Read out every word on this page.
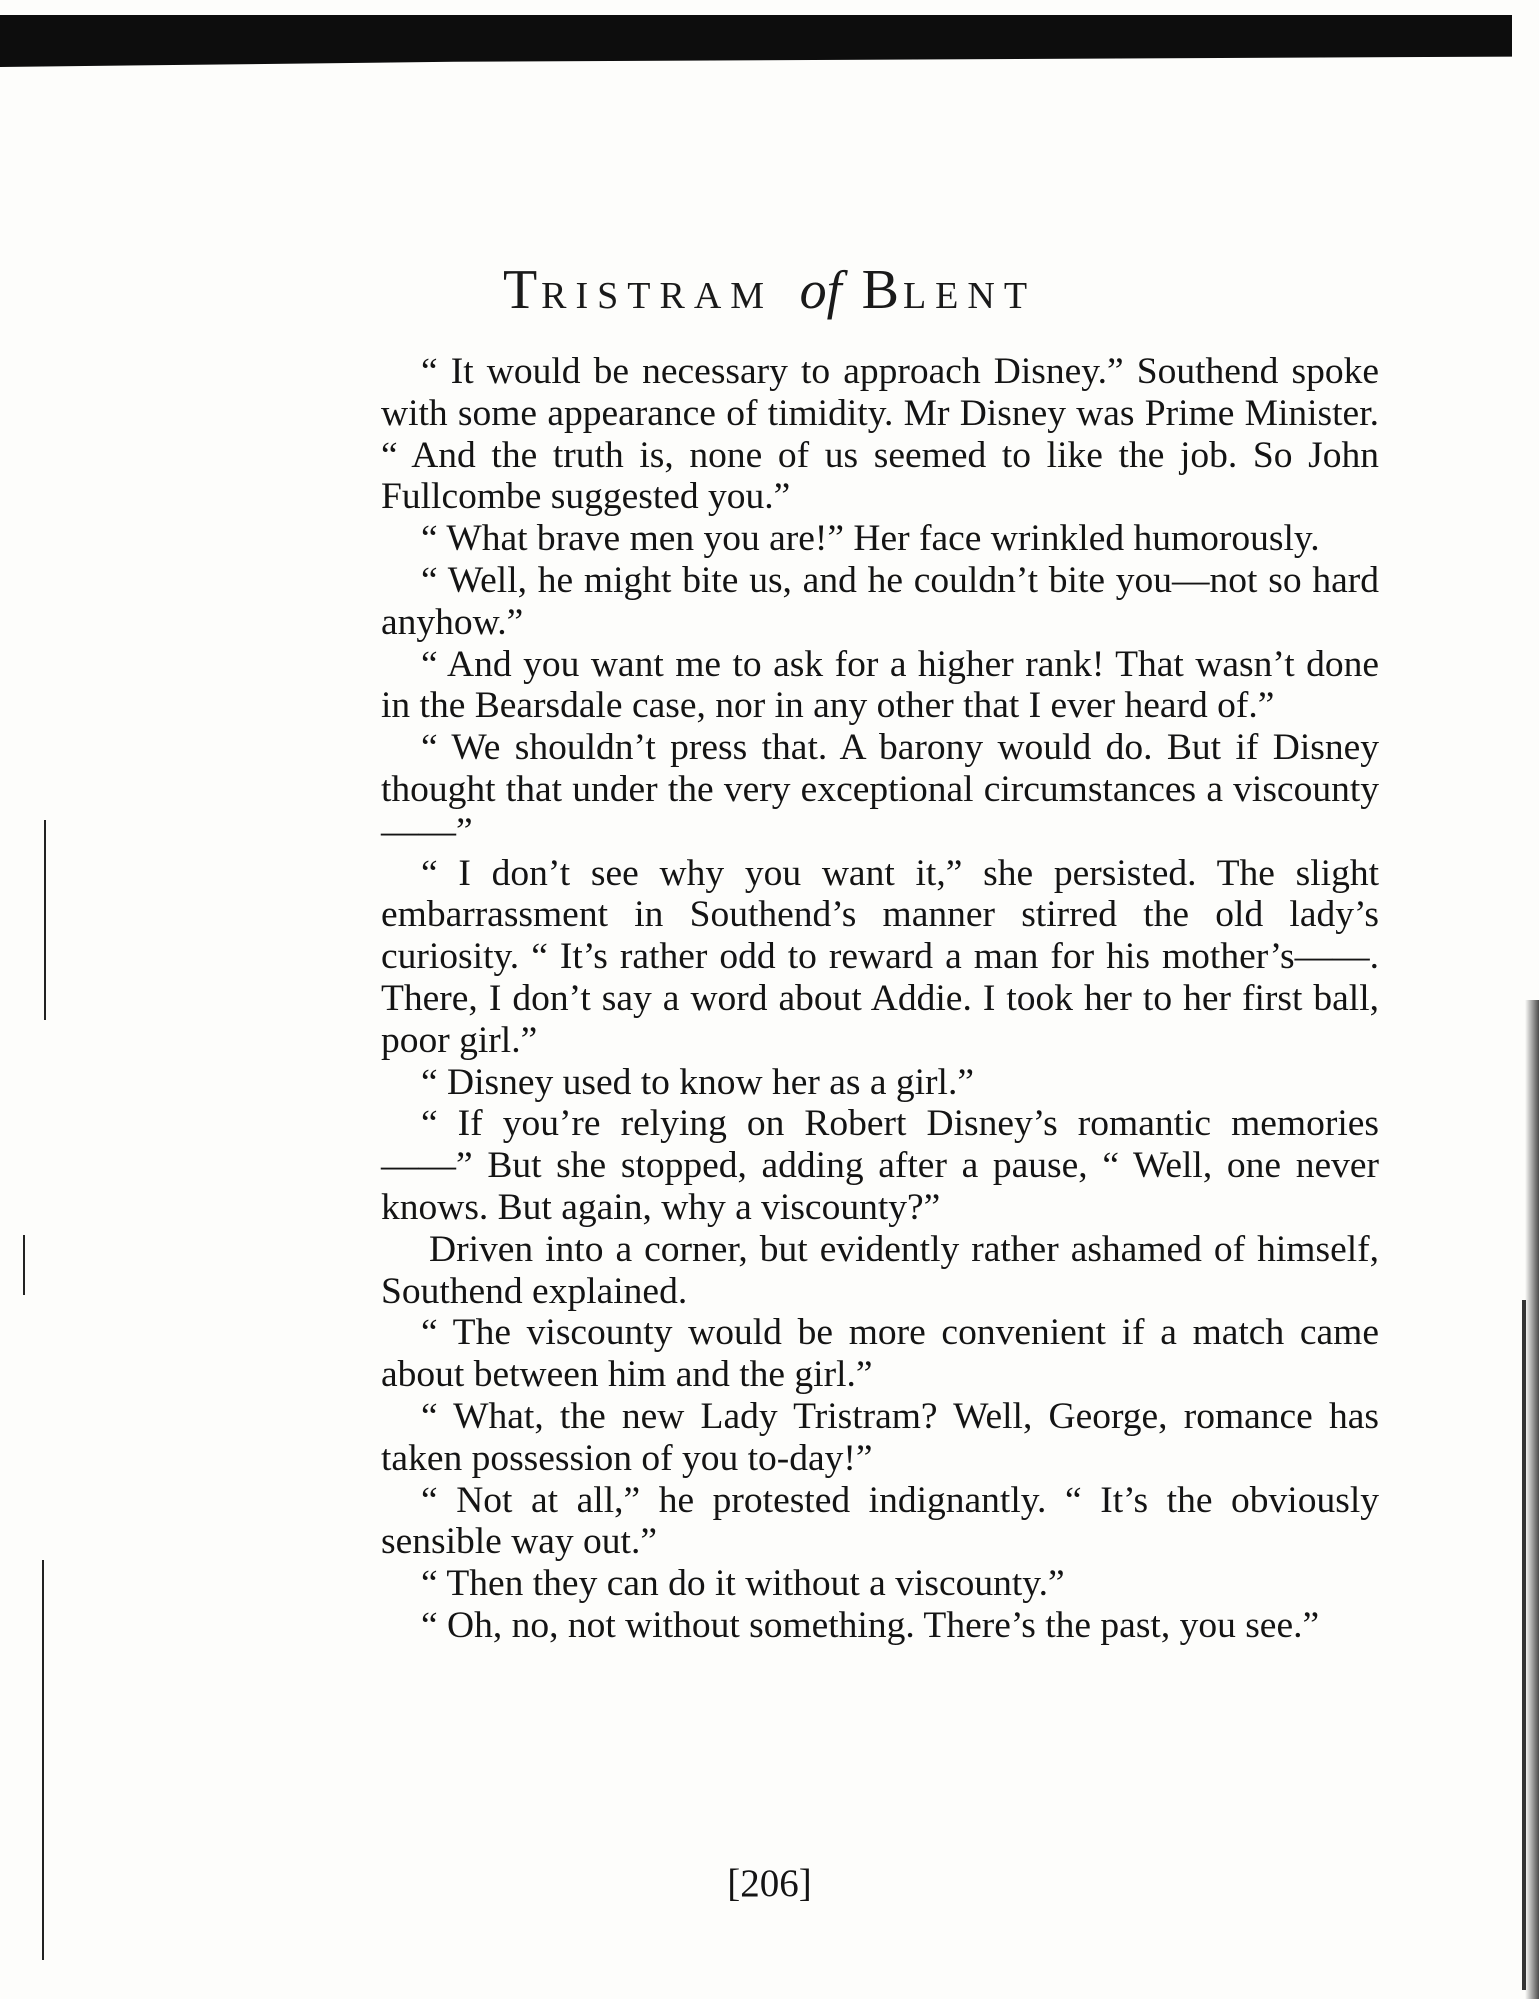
TRISTRAM of BLENT

“ It would be necessary to approach Disney.” Southend spoke with some appearance of timidity. Mr Disney was Prime Minister. “ And the truth is, none of us seemed to like the job. So John Fullcombe suggested you.”

“ What brave men you are!” Her face wrinkled humorously.

“ Well, he might bite us, and he couldn’t bite you—not so hard anyhow.”

“ And you want me to ask for a higher rank! That wasn’t done in the Bearsdale case, nor in any other that I ever heard of.”

“ We shouldn’t press that. A barony would do. But if Disney thought that under the very exceptional circumstances a viscounty——”

“ I don’t see why you want it,” she persisted. The slight embarrassment in Southend’s manner stirred the old lady’s curiosity. “ It’s rather odd to reward a man for his mother’s——. There, I don’t say a word about Addie. I took her to her first ball, poor girl.”

“ Disney used to know her as a girl.”

“ If you’re relying on Robert Disney’s romantic memories——” But she stopped, adding after a pause, “ Well, one never knows. But again, why a viscounty?”

Driven into a corner, but evidently rather ashamed of himself, Southend explained.

“ The viscounty would be more convenient if a match came about between him and the girl.”

“ What, the new Lady Tristram? Well, George, romance has taken possession of you to-day!”

“ Not at all,” he protested indignantly. “ It’s the obviously sensible way out.”

“ Then they can do it without a viscounty.”

“ Oh, no, not without something. There’s the past, you see.”

[206]
